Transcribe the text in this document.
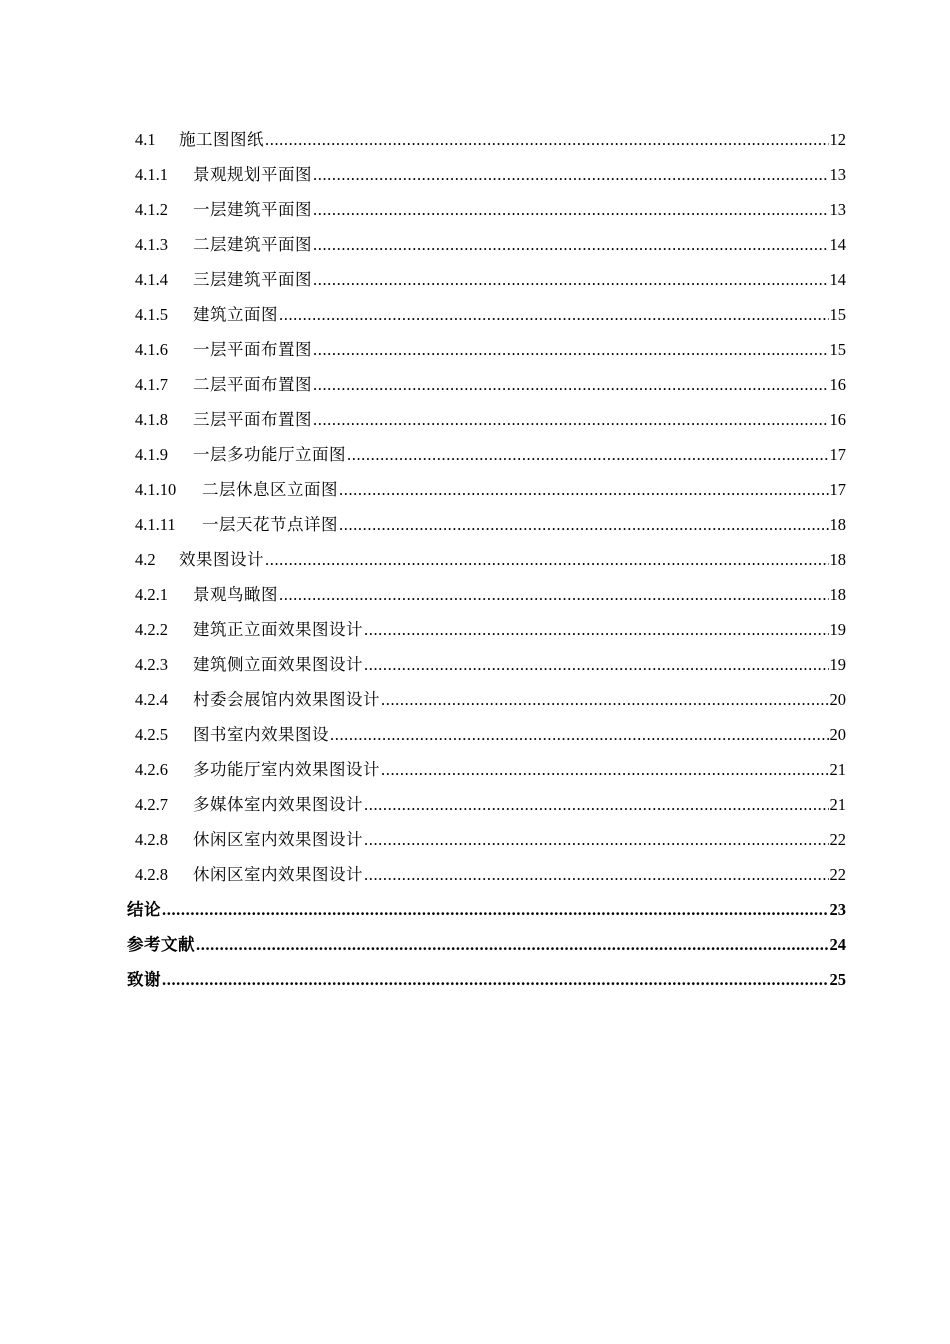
4.1	施工图图纸 .....	12
4.1.1	景观规划平面图 .....	13
4.1.2	一层建筑平面图 .....	13
4.1.3	二层建筑平面图 .....	14
4.1.4	三层建筑平面图 .....	14
4.1.5	建筑立面图 .....	15
4.1.6	一层平面布置图 .....	15
4.1.7	二层平面布置图 .....	16
4.1.8	三层平面布置图 .....	16
4.1.9	一层多功能厅立面图 .....	17
4.1.10	二层休息区立面图 .....	17
4.1.11	一层天花节点详图 .....	18
4.2	效果图设计 .....	18
4.2.1	景观鸟瞰图 .....	18
4.2.2	建筑正立面效果图设计 .....	19
4.2.3	建筑侧立面效果图设计 .....	19
4.2.4	村委会展馆内效果图设计 .....	20
4.2.5	图书室内效果图设 .....	20
4.2.6	多功能厅室内效果图设计 .....	21
4.2.7	多媒体室内效果图设计 .....	21
4.2.8	休闲区室内效果图设计 .....	22
4.2.8	休闲区室内效果图设计 .....	22
结论 .....	23
参考文献 .....	24
致谢 .....	25
